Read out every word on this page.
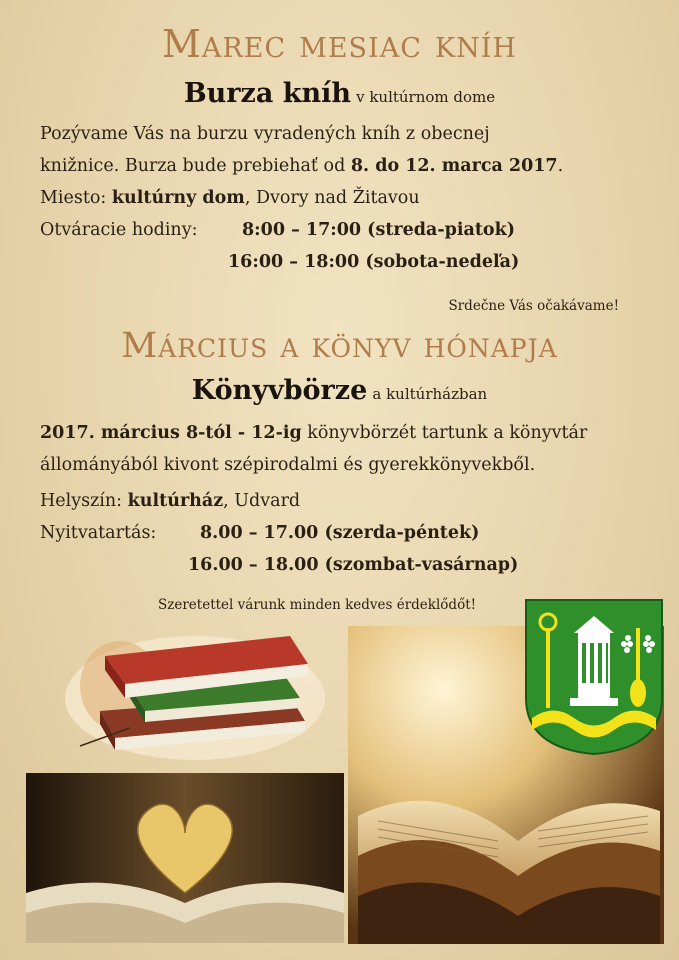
Marec mesiac kníh
Burza kníh v kultúrnom dome
Pozývame Vás na burzu vyradených kníh z obecnej
knižnice. Burza bude prebiehať od 8. do 12. marca 2017.
Miesto: kultúrny dom, Dvory nad Žitavou
Otváracie hodiny:	8:00 – 17:00 (streda-piatok)
16:00 – 18:00 (sobota-nedeľa)
Srdečne Vás očakávame!
Március a könyv hónapja
Könyvbörze a kultúrházban
2017. március 8-tól - 12-ig könyvbörzét tartunk a könyvtár
állományából kivont szépirodalmi és gyerekkönyvekből.
Helyszín: kultúrház, Udvard
Nyitvatartás: 8.00 – 17.00 (szerda-péntek)
16.00 – 18.00 (szombat-vasárnap)
Szeretettel várunk minden kedves érdeklődőt!
